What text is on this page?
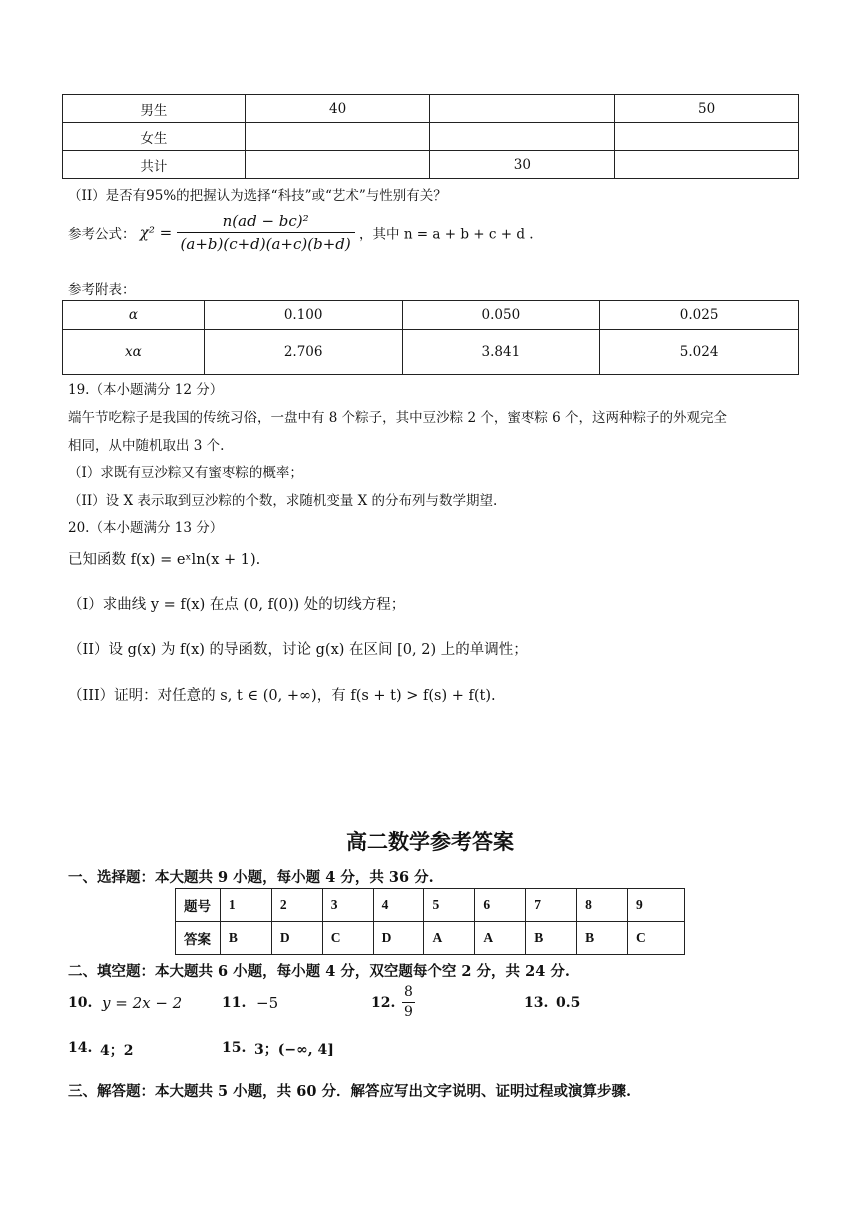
男生	40		50
女生			
共计		30	
（II）是否有95%的把握认为选择“科技”或“艺术”与性别有关？
参考公式： $\chi^2 = \frac{\text{n(ad − bc)²}}{(a+b)(c+d)(a+c)(b+d)}$ ，其中 n = a + b + c + d .
参考附表：
α	0.100	0.050	0.025
xα	2.706	3.841	5.024
19.（本小题满分 12 分）
端午节吃粽子是我国的传统习俗，一盘中有 8 个粽子，其中豆沙粽 2 个，蜜枣粽 6 个，这两种粽子的外观完全
相同，从中随机取出 3 个.
（I）求既有豆沙粽又有蜜枣粽的概率；
（II）设 X 表示取到豆沙粽的个数，求随机变量 X 的分布列与数学期望.
20.（本小题满分 13 分）
已知函数 f(x) = eˣln(x + 1).
（I）求曲线 y = f(x) 在点 (0, f(0)) 处的切线方程；
（II）设 g(x) 为 f(x) 的导函数，讨论 g(x) 在区间 [0, 2) 上的单调性；
（III）证明：对任意的 s, t ∈ (0, +∞)，有 f(s + t) > f(s) + f(t).
高二数学参考答案
一、选择题：本大题共 9 小题，每小题 4 分，共 36 分.
题号	1	2	3	4	5	6	7	8	9
答案	B	D	C	D	A	A	B	B	C
二、填空题：本大题共 6 小题，每小题 4 分，双空题每个空 2 分，共 24 分.
10. y = 2x − 2	11. −5	12. $\frac{8}{9}$	13. 0.5
14. 4；2	15. 3；(−∞, 4]
三、解答题：本大题共 5 小题，共 60 分．解答应写出文字说明、证明过程或演算步骤.
